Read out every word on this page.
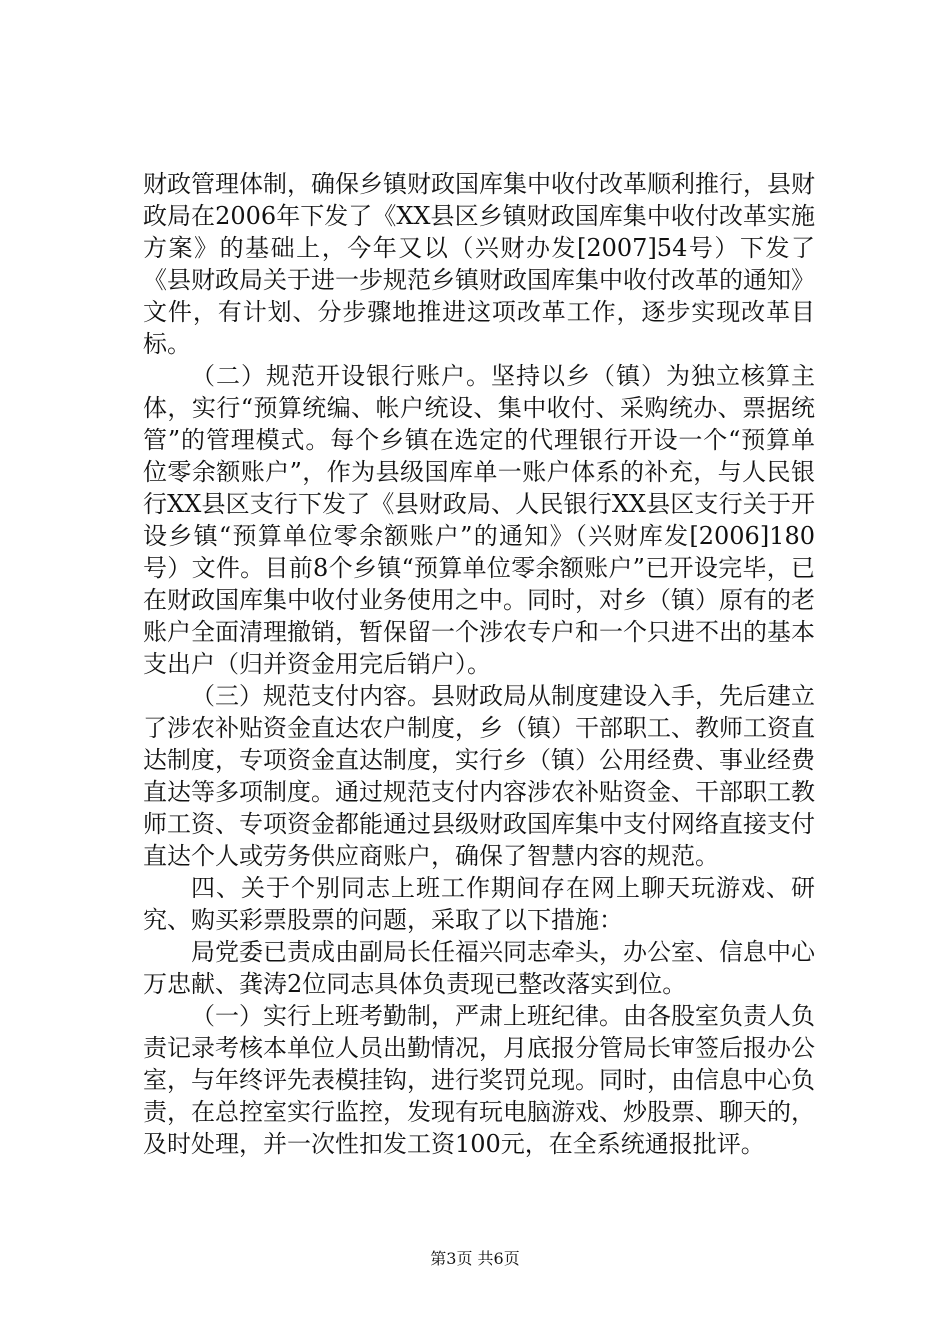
财政管理体制，确保乡镇财政国库集中收付改革顺利推行，县财政局在2006年下发了《XX县区乡镇财政国库集中收付改革实施方案》的基础上，今年又以（兴财办发[2007]54号）下发了《县财政局关于进一步规范乡镇财政国库集中收付改革的通知》文件，有计划、分步骤地推进这项改革工作，逐步实现改革目标。

（二）规范开设银行账户。坚持以乡（镇）为独立核算主体，实行“预算统编、帐户统设、集中收付、采购统办、票据统管”的管理模式。每个乡镇在选定的代理银行开设一个“预算单位零余额账户”，作为县级国库单一账户体系的补充，与人民银行XX县区支行下发了《县财政局、人民银行XX县区支行关于开设乡镇“预算单位零余额账户”的通知》（兴财库发[2006]180号）文件。目前8个乡镇“预算单位零余额账户”已开设完毕，已在财政国库集中收付业务使用之中。同时，对乡（镇）原有的老账户全面清理撤销，暂保留一个涉农专户和一个只进不出的基本支出户（归并资金用完后销户）。

（三）规范支付内容。县财政局从制度建设入手，先后建立了涉农补贴资金直达农户制度，乡（镇）干部职工、教师工资直达制度，专项资金直达制度，实行乡（镇）公用经费、事业经费直达等多项制度。通过规范支付内容涉农补贴资金、干部职工教师工资、专项资金都能通过县级财政国库集中支付网络直接支付直达个人或劳务供应商账户，确保了智慧内容的规范。

四、关于个别同志上班工作期间存在网上聊天玩游戏、研究、购买彩票股票的问题，采取了以下措施：

局党委已责成由副局长任福兴同志牵头，办公室、信息中心万忠献、龚涛2位同志具体负责现已整改落实到位。

（一）实行上班考勤制，严肃上班纪律。由各股室负责人负责记录考核本单位人员出勤情况，月底报分管局长审签后报办公室，与年终评先表模挂钩，进行奖罚兑现。同时，由信息中心负责，在总控室实行监控，发现有玩电脑游戏、炒股票、聊天的，及时处理，并一次性扣发工资100元，在全系统通报批评。

第3页 共6页
